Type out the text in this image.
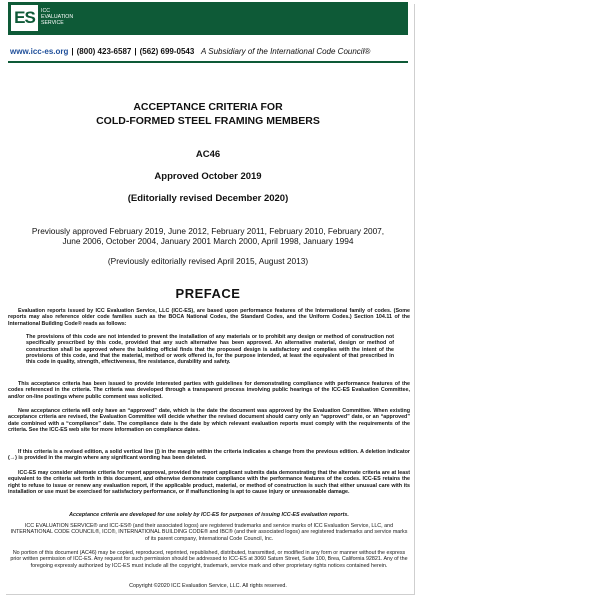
ES	ICC
EVALUATION
SERVICE
www.icc-es.org | (800) 423-6587 | (562) 699-0543 A Subsidiary of the International Code Council®
ACCEPTANCE CRITERIA FOR
COLD-FORMED STEEL FRAMING MEMBERS
AC46
Approved October 2019
(Editorially revised December 2020)
Previously approved February 2019, June 2012, February 2011, February 2010, February 2007,
June 2006, October 2004, January 2001 March 2000, April 1998, January 1994
(Previously editorially revised April 2015, August 2013)
PREFACE
Evaluation reports issued by ICC Evaluation Service, LLC (ICC-ES), are based upon performance features of the International family of codes. (Some reports may also reference older code families such as the BOCA National Codes, the Standard Codes, and the Uniform Codes.) Section 104.11 of the International Building Code® reads as follows:
The provisions of this code are not intended to prevent the installation of any materials or to prohibit any design or method of construction not specifically prescribed by this code, provided that any such alternative has been approved. An alternative material, design or method of construction shall be approved where the building official finds that the proposed design is satisfactory and complies with the intent of the provisions of this code, and that the material, method or work offered is, for the purpose intended, at least the equivalent of that prescribed in this code in quality, strength, effectiveness, fire resistance, durability and safety.
This acceptance criteria has been issued to provide interested parties with guidelines for demonstrating compliance with performance features of the codes referenced in the criteria. The criteria was developed through a transparent process involving public hearings of the ICC-ES Evaluation Committee, and/or on-line postings where public comment was solicited.
New acceptance criteria will only have an “approved” date, which is the date the document was approved by the Evaluation Committee. When existing acceptance criteria are revised, the Evaluation Committee will decide whether the revised document should carry only an “approved” date, or an “approved” date combined with a “compliance” date. The compliance date is the date by which relevant evaluation reports must comply with the requirements of the criteria. See the ICC-ES web site for more information on compliance dates.
If this criteria is a revised edition, a solid vertical line (|) in the margin within the criteria indicates a change from the previous edition. A deletion indicator (→) is provided in the margin where any significant wording has been deleted.
ICC-ES may consider alternate criteria for report approval, provided the report applicant submits data demonstrating that the alternate criteria are at least equivalent to the criteria set forth in this document, and otherwise demonstrate compliance with the performance features of the codes. ICC-ES retains the right to refuse to issue or renew any evaluation report, if the applicable product, material, or method of construction is such that either unusual care with its installation or use must be exercised for satisfactory performance, or if malfunctioning is apt to cause injury or unreasonable damage.
Acceptance criteria are developed for use solely by ICC-ES for purposes of issuing ICC-ES evaluation reports.
ICC EVALUATION SERVICE® and ICC-ES® (and their associated logos) are registered trademarks and service marks of ICC Evaluation Service, LLC, and INTERNATIONAL CODE COUNCIL®, ICC®, INTERNATIONAL BUILDING CODE® and IBC® (and their associated logos) are registered trademarks and service marks of its parent company, International Code Council, Inc.
No portion of this document (AC46) may be copied, reproduced, reprinted, republished, distributed, transmitted, or modified in any form or manner without the express prior written permission of ICC-ES. Any request for such permission should be addressed to ICC-ES at 3060 Saturn Street, Suite 100, Brea, California 92821. Any of the foregoing expressly authorized by ICC-ES must include all the copyright, trademark, service mark and other proprietary rights notices contained herein.
Copyright ©2020 ICC Evaluation Service, LLC. All rights reserved.
